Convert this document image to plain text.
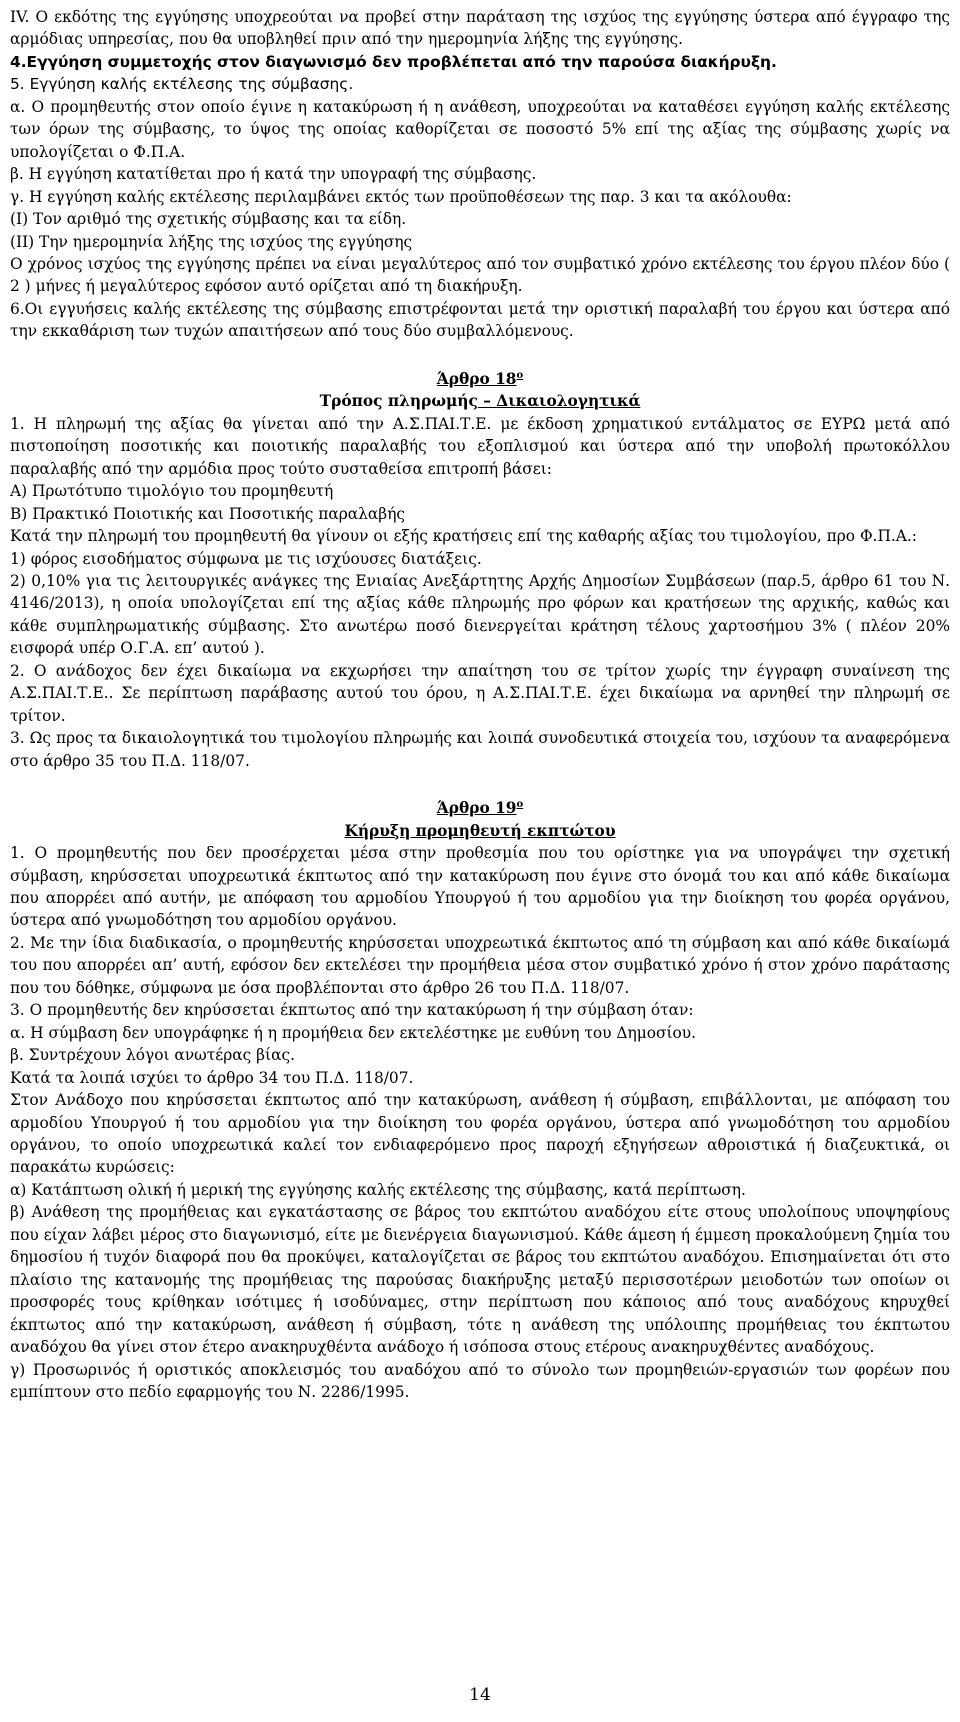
IV. Ο εκδότης της εγγύησης υποχρεούται να προβεί στην παράταση της ισχύος της εγγύησης ύστερα από έγγραφο της αρμόδιας υπηρεσίας, που θα υποβληθεί πριν από την ημερομηνία λήξης της εγγύησης.

4.Εγγύηση συμμετοχής στον διαγωνισμό δεν προβλέπεται από την παρούσα διακήρυξη.

5. Εγγύηση καλής εκτέλεσης της σύμβασης.

α. Ο προμηθευτής στον οποίο έγινε η κατακύρωση ή η ανάθεση, υποχρεούται να καταθέσει εγγύηση καλής εκτέλεσης των όρων της σύμβασης, το ύψος της οποίας καθορίζεται σε ποσοστό 5% επί της αξίας της σύμβασης χωρίς να υπολογίζεται ο Φ.Π.Α.

β. Η εγγύηση κατατίθεται προ ή κατά την υπογραφή της σύμβασης.

γ. Η εγγύηση καλής εκτέλεσης περιλαμβάνει εκτός των προϋποθέσεων της παρ. 3 και τα ακόλουθα:

(I) Τον αριθμό της σχετικής σύμβασης και τα είδη.

(II) Την ημερομηνία λήξης της ισχύος της εγγύησης

Ο χρόνος ισχύος της εγγύησης πρέπει να είναι μεγαλύτερος από τον συμβατικό χρόνο εκτέλεσης του έργου πλέον δύο ( 2 ) μήνες ή μεγαλύτερος εφόσον αυτό ορίζεται από τη διακήρυξη.

6.Οι εγγυήσεις καλής εκτέλεσης της σύμβασης επιστρέφονται μετά την οριστική παραλαβή του έργου και ύστερα από την εκκαθάριση των τυχών απαιτήσεων από τους δύο συμβαλλόμενους.

Άρθρο $18^o$

Τρόπος πληρωμής – Δικαιολογητικά

1. Η πληρωμή της αξίας θα γίνεται από την Α.Σ.ΠΑΙ.Τ.Ε. με έκδοση χρηματικού εντάλματος σε ΕΥΡΩ μετά από πιστοποίηση ποσοτικής και ποιοτικής παραλαβής του εξοπλισμού και ύστερα από την υποβολή πρωτοκόλλου παραλαβής από την αρμόδια προς τούτο συσταθείσα επιτροπή βάσει:

Α) Πρωτότυπο τιμολόγιο του προμηθευτή

Β) Πρακτικό Ποιοτικής και Ποσοτικής παραλαβής

Κατά την πληρωμή του προμηθευτή θα γίνουν οι εξής κρατήσεις επί της καθαρής αξίας του τιμολογίου, προ Φ.Π.Α.:

1) φόρος εισοδήματος σύμφωνα με τις ισχύουσες διατάξεις.

2) 0,10% για τις λειτουργικές ανάγκες της Ενιαίας Ανεξάρτητης Αρχής Δημοσίων Συμβάσεων (παρ.5, άρθρο 61 του Ν. 4146/2013), η οποία υπολογίζεται επί της αξίας κάθε πληρωμής προ φόρων και κρατήσεων της αρχικής, καθώς και κάθε συμπληρωματικής σύμβασης. Στο ανωτέρω ποσό διενεργείται κράτηση τέλους χαρτοσήμου 3% ( πλέον 20% εισφορά υπέρ Ο.Γ.Α. επ’ αυτού ).

2. Ο ανάδοχος δεν έχει δικαίωμα να εκχωρήσει την απαίτηση του σε τρίτον χωρίς την έγγραφη συναίνεση της Α.Σ.ΠΑΙ.Τ.Ε.. Σε περίπτωση παράβασης αυτού του όρου, η Α.Σ.ΠΑΙ.Τ.Ε. έχει δικαίωμα να αρνηθεί την πληρωμή σε τρίτον.

3. Ως προς τα δικαιολογητικά του τιμολογίου πληρωμής και λοιπά συνοδευτικά στοιχεία του, ισχύουν τα αναφερόμενα στο άρθρο 35 του Π.Δ. 118/07.

Άρθρο $19^o$

Κήρυξη προμηθευτή εκπτώτου

1. Ο προμηθευτής που δεν προσέρχεται μέσα στην προθεσμία που του ορίστηκε για να υπογράψει την σχετική σύμβαση, κηρύσσεται υποχρεωτικά έκπτωτος από την κατακύρωση που έγινε στο όνομά του και από κάθε δικαίωμα που απορρέει από αυτήν, με απόφαση του αρμοδίου Υπουργού ή του αρμοδίου για την διοίκηση του φορέα οργάνου, ύστερα από γνωμοδότηση του αρμοδίου οργάνου.

2. Με την ίδια διαδικασία, ο προμηθευτής κηρύσσεται υποχρεωτικά έκπτωτος από τη σύμβαση και από κάθε δικαίωμά του που απορρέει απ’ αυτή, εφόσον δεν εκτελέσει την προμήθεια μέσα στον συμβατικό χρόνο ή στον χρόνο παράτασης που του δόθηκε, σύμφωνα με όσα προβλέπονται στο άρθρο 26 του Π.Δ. 118/07.

3. Ο προμηθευτής δεν κηρύσσεται έκπτωτος από την κατακύρωση ή την σύμβαση όταν:

α. Η σύμβαση δεν υπογράφηκε ή η προμήθεια δεν εκτελέστηκε με ευθύνη του Δημοσίου.

β. Συντρέχουν λόγοι ανωτέρας βίας.

Κατά τα λοιπά ισχύει το άρθρο 34 του Π.Δ. 118/07.

Στον Ανάδοχο που κηρύσσεται έκπτωτος από την κατακύρωση, ανάθεση ή σύμβαση, επιβάλλονται, με απόφαση του αρμοδίου Υπουργού ή του αρμοδίου για την διοίκηση του φορέα οργάνου, ύστερα από γνωμοδότηση του αρμοδίου οργάνου, το οποίο υποχρεωτικά καλεί τον ενδιαφερόμενο προς παροχή εξηγήσεων αθροιστικά ή διαζευκτικά, οι παρακάτω κυρώσεις:

α) Κατάπτωση ολική ή μερική της εγγύησης καλής εκτέλεσης της σύμβασης, κατά περίπτωση.

β) Ανάθεση της προμήθειας και εγκατάστασης σε βάρος του εκπτώτου αναδόχου είτε στους υπολοίπους υποψηφίους που είχαν λάβει μέρος στο διαγωνισμό, είτε με διενέργεια διαγωνισμού. Κάθε άμεση ή έμμεση προκαλούμενη ζημία του δημοσίου ή τυχόν διαφορά που θα προκύψει, καταλογίζεται σε βάρος του εκπτώτου αναδόχου. Επισημαίνεται ότι στο πλαίσιο της κατανομής της προμήθειας της παρούσας διακήρυξης μεταξύ περισσοτέρων μειοδοτών των οποίων οι προσφορές τους κρίθηκαν ισότιμες ή ισοδύναμες, στην περίπτωση που κάποιος από τους αναδόχους κηρυχθεί έκπτωτος από την κατακύρωση, ανάθεση ή σύμβαση, τότε η ανάθεση της υπόλοιπης προμήθειας του έκπτωτου αναδόχου θα γίνει στον έτερο ανακηρυχθέντα ανάδοχο ή ισόποσα στους ετέρους ανακηρυχθέντες αναδόχους.

γ) Προσωρινός ή οριστικός αποκλεισμός του αναδόχου από το σύνολο των προμηθειών-εργασιών των φορέων που εμπίπτουν στο πεδίο εφαρμογής του Ν. 2286/1995.

14
